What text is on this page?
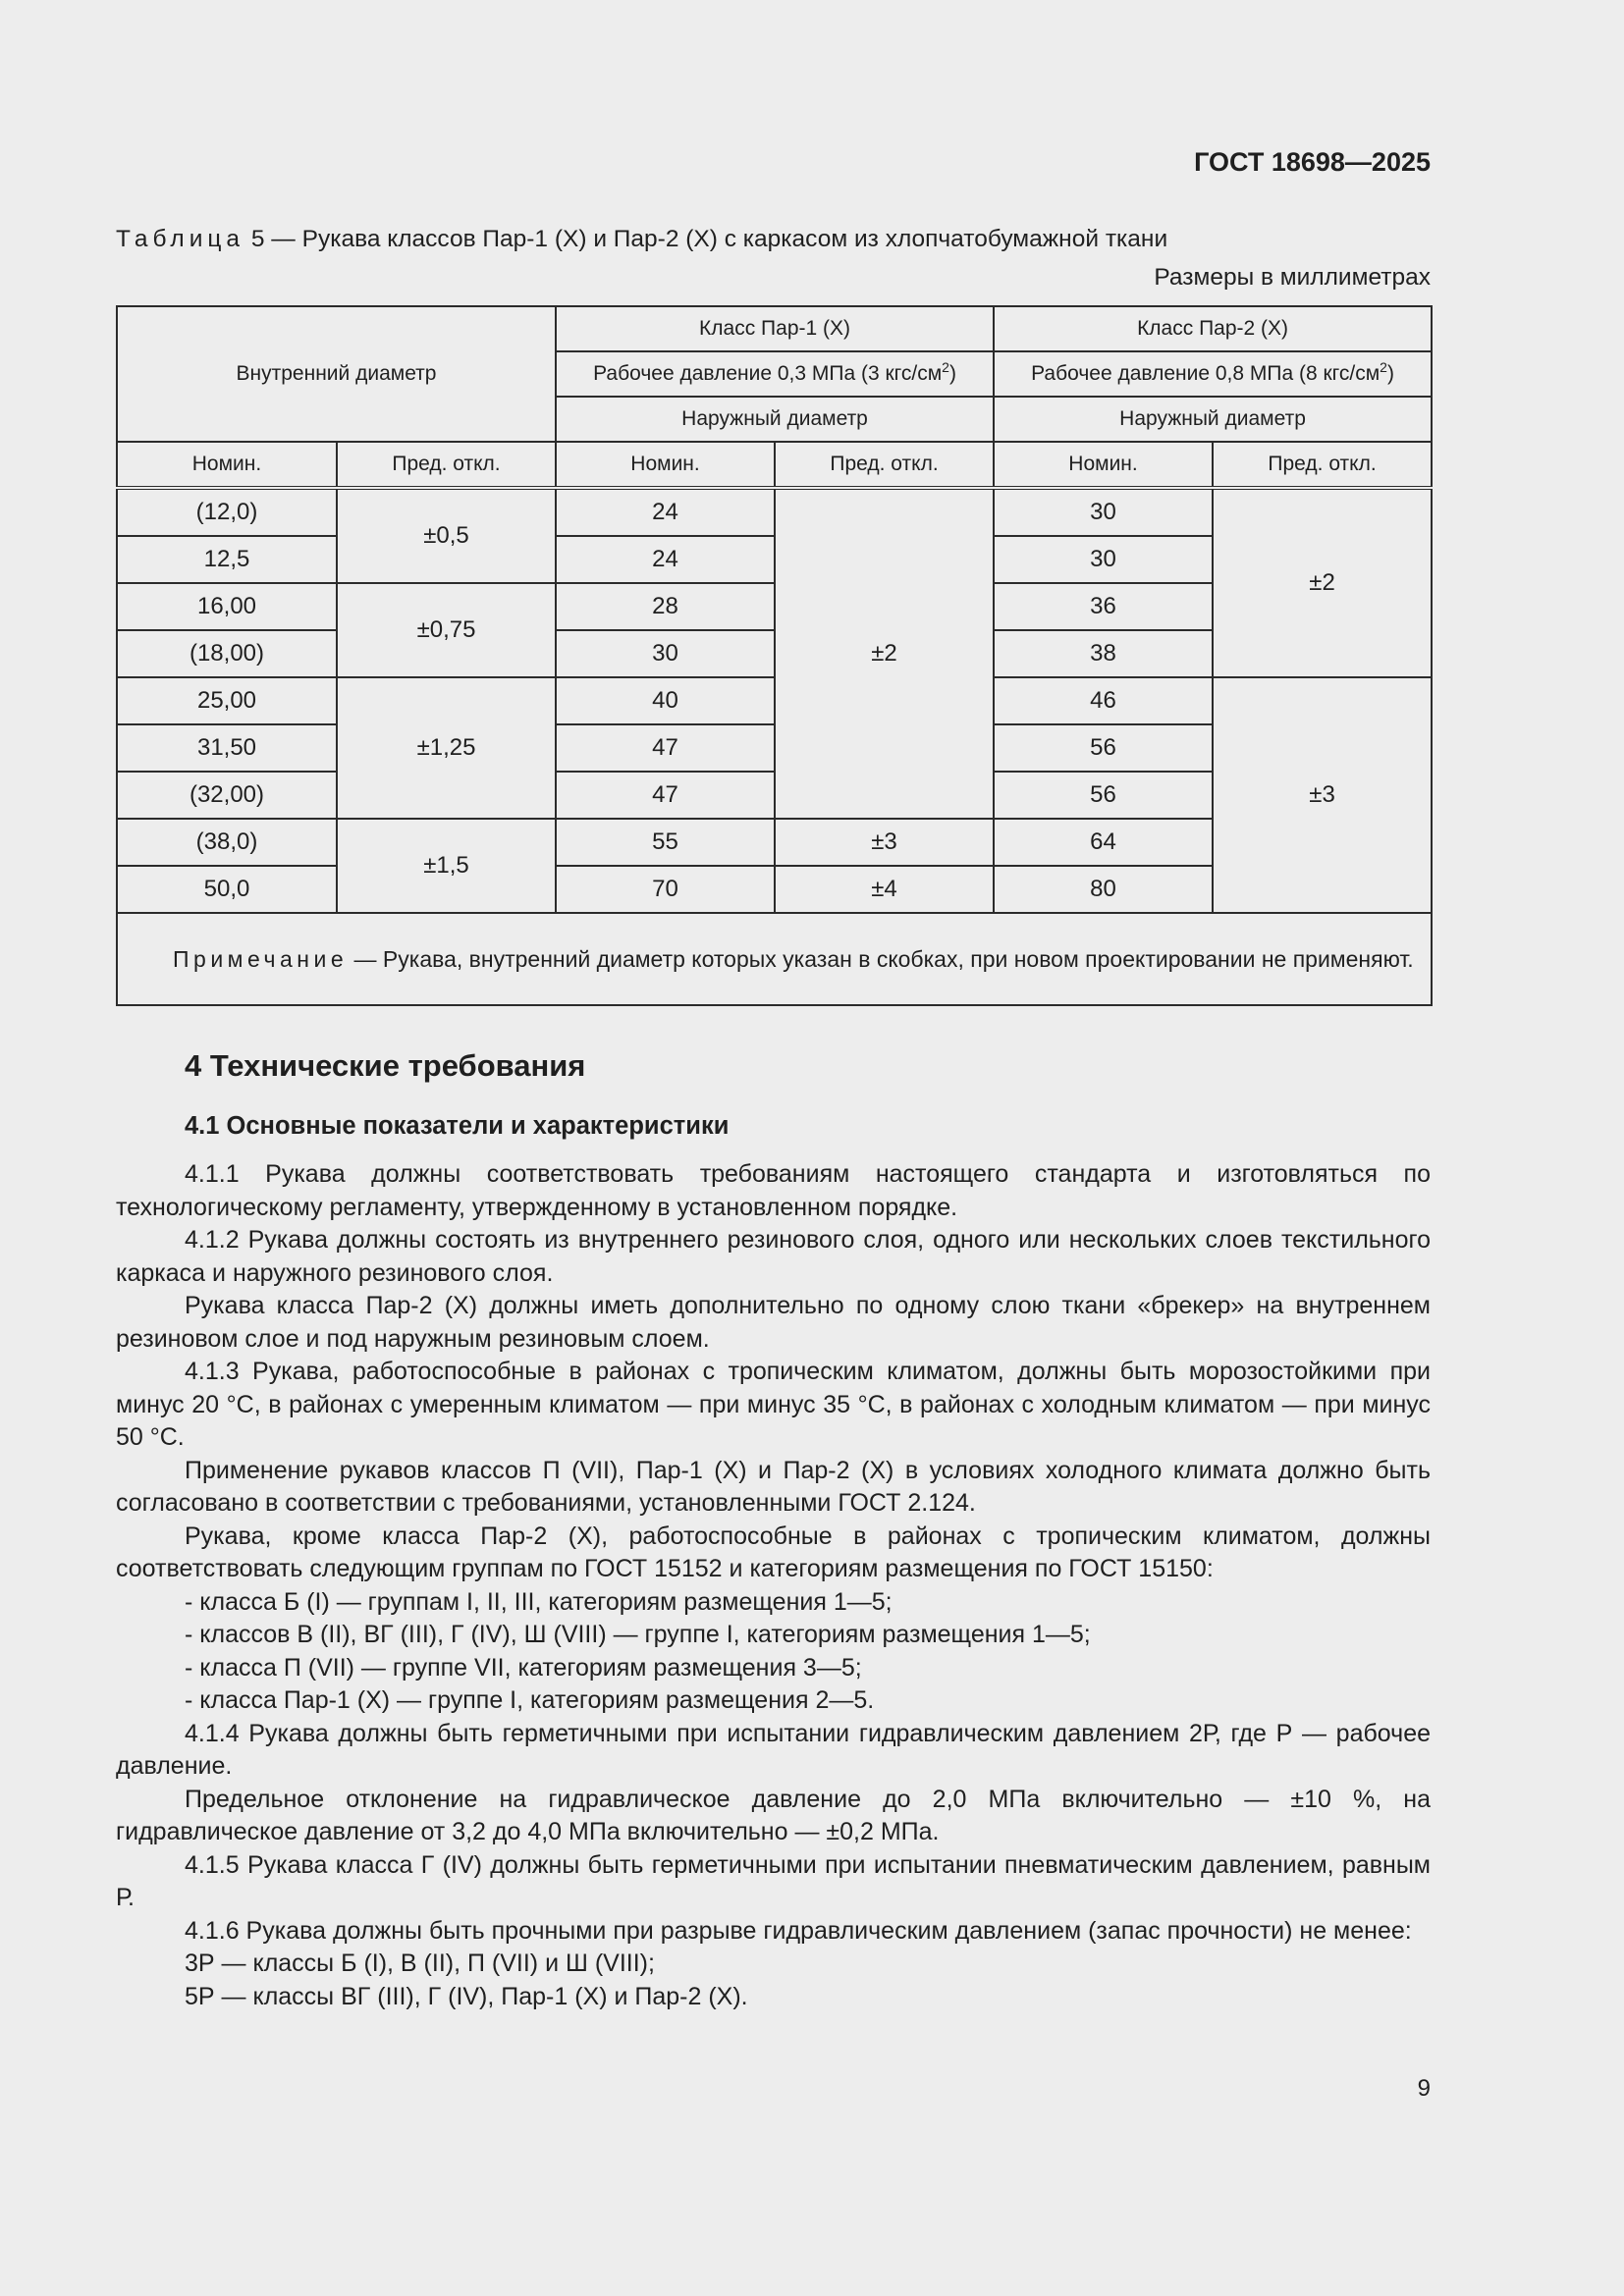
ГОСТ 18698—2025
Таблица 5 — Рукава классов Пар-1 (Х) и Пар-2 (Х) с каркасом из хлопчатобумажной ткани
Размеры в миллиметрах
Внутренний диаметр		Класс Пар-1 (Х)		Класс Пар-2 (Х)	
		Рабочее давление 0,3 МПа (3 кгс/$см^2$)		Рабочее давление 0,8 МПа (8 кгс/$см^2$)	
		Наружный диаметр		Наружный диаметр	
Номин.	Пред. откл.	Номин.	Пред. откл.	Номин.	Пред. откл.
(12,0)	±0,5	24	±2	30	±2
12,5		24		30	
16,00	±0,75	28		36	
(18,00)		30		38	
25,00	±1,25	40		46	±3
31,50		47		56	
(32,00)		47		56	
(38,0)	±1,5	55	±3	64	
50,0		70	±4	80	
Примечание — Рукава, внутренний диаметр которых указан в скобках, при новом проектировании не применяют.					
4 Технические требования
4.1 Основные показатели и характеристики

4.1.1 Рукава должны соответствовать требованиям настоящего стандарта и изготовляться по технологическому регламенту, утвержденному в установленном порядке.

4.1.2 Рукава должны состоять из внутреннего резинового слоя, одного или нескольких слоев текстильного каркаса и наружного резинового слоя.

Рукава класса Пар-2 (Х) должны иметь дополнительно по одному слою ткани «брекер» на внутреннем резиновом слое и под наружным резиновым слоем.

4.1.3 Рукава, работоспособные в районах с тропическим климатом, должны быть морозостойкими при минус 20 °С, в районах с умеренным климатом — при минус 35 °С, в районах с холодным климатом — при минус 50 °С.

Применение рукавов классов П (VII), Пар-1 (Х) и Пар-2 (Х) в условиях холодного климата должно быть согласовано в соответствии с требованиями, установленными ГОСТ 2.124.

Рукава, кроме класса Пар-2 (Х), работоспособные в районах с тропическим климатом, должны соответствовать следующим группам по ГОСТ 15152 и категориям размещения по ГОСТ 15150:

- класса Б (I) — группам I, II, III, категориям размещения 1—5;

- классов В (II), ВГ (III), Г (IV), Ш (VIII) — группе I, категориям размещения 1—5;

- класса П (VII) — группе VII, категориям размещения 3—5;

- класса Пар-1 (Х) — группе I, категориям размещения 2—5.

4.1.4 Рукава должны быть герметичными при испытании гидравлическим давлением 2Р, где Р — рабочее давление.

Предельное отклонение на гидравлическое давление до 2,0 МПа включительно — ±10 %, на гидравлическое давление от 3,2 до 4,0 МПа включительно — ±0,2 МПа.

4.1.5 Рукава класса Г (IV) должны быть герметичными при испытании пневматическим давлением, равным Р.

4.1.6 Рукава должны быть прочными при разрыве гидравлическим давлением (запас прочности) не менее:

3Р — классы Б (I), В (II), П (VII) и Ш (VIII);

5Р — классы ВГ (III), Г (IV), Пар-1 (Х) и Пар-2 (Х).

9
